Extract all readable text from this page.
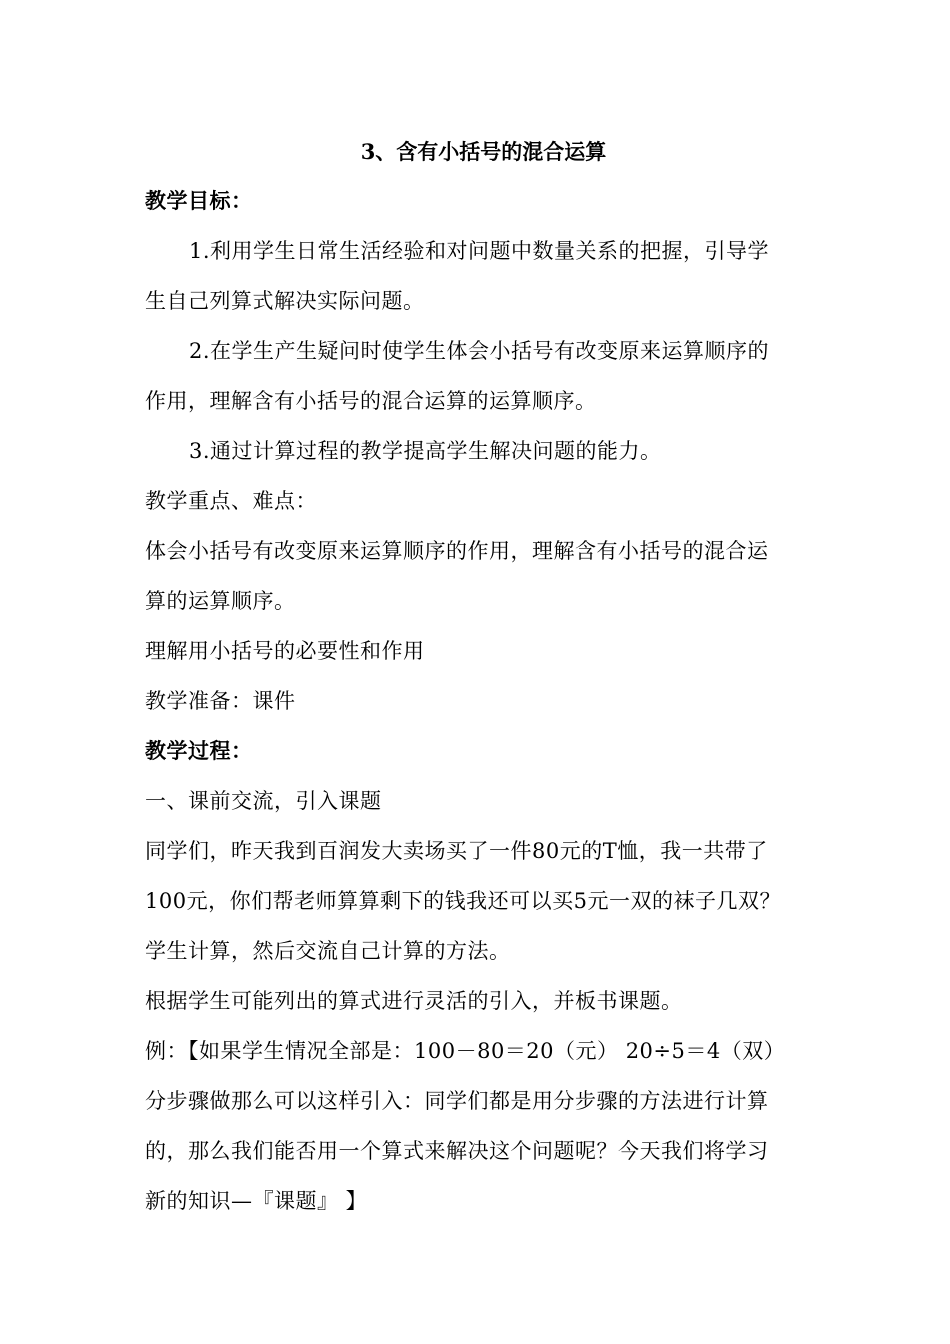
3、含有小括号的混合运算

教学目标：

1.利用学生日常生活经验和对问题中数量关系的把握，引导学

生自己列算式解决实际问题。

2.在学生产生疑问时使学生体会小括号有改变原来运算顺序的

作用，理解含有小括号的混合运算的运算顺序。

3.通过计算过程的教学提高学生解决问题的能力。

教学重点、难点：

体会小括号有改变原来运算顺序的作用，理解含有小括号的混合运

算的运算顺序。

理解用小括号的必要性和作用

教学准备：课件

教学过程：

一、课前交流，引入课题

同学们，昨天我到百润发大卖场买了一件80元的T恤，我一共带了

100元，你们帮老师算算剩下的钱我还可以买5元一双的袜子几双？

学生计算，然后交流自己计算的方法。

根据学生可能列出的算式进行灵活的引入，并板书课题。

例：【如果学生情况全部是：100－80＝20（元） 20÷5＝4（双）

分步骤做那么可以这样引入：同学们都是用分步骤的方法进行计算

的，那么我们能否用一个算式来解决这个问题呢？今天我们将学习

新的知识—『课题』 】
